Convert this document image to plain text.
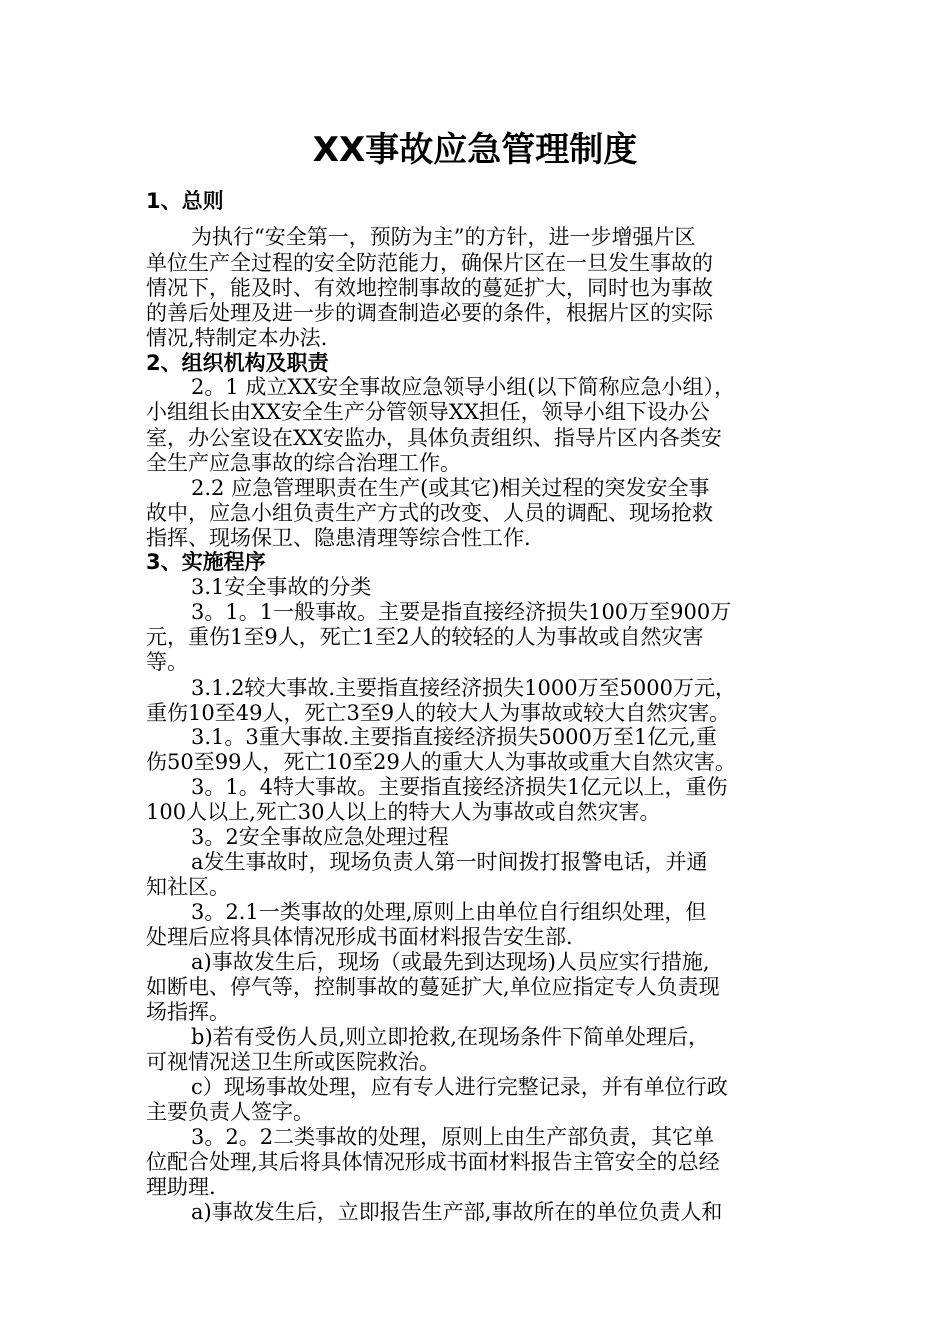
XX事故应急管理制度
1、总则
为执行“安全第一，预防为主”的方针，进一步增强片区
单位生产全过程的安全防范能力，确保片区在一旦发生事故的
情况下，能及时、有效地控制事故的蔓延扩大，同时也为事故
的善后处理及进一步的调查制造必要的条件，根据片区的实际
情况,特制定本办法.
2、组织机构及职责
2。1 成立XX安全事故应急领导小组(以下简称应急小组），
小组组长由XX安全生产分管领导XX担任，领导小组下设办公
室，办公室设在XX安监办，具体负责组织、指导片区内各类安
全生产应急事故的综合治理工作。
2.2 应急管理职责在生产(或其它)相关过程的突发安全事
故中，应急小组负责生产方式的改变、人员的调配、现场抢救
指挥、现场保卫、隐患清理等综合性工作.
3、实施程序
3.1安全事故的分类
3。1。1一般事故。主要是指直接经济损失100万至900万
元，重伤1至9人，死亡1至2人的较轻的人为事故或自然灾害
等。
3.1.2较大事故.主要指直接经济损失1000万至5000万元，
重伤10至49人，死亡3至9人的较大人为事故或较大自然灾害。
3.1。3重大事故.主要指直接经济损失5000万至1亿元,重
伤50至99人，死亡10至29人的重大人为事故或重大自然灾害。
3。1。4特大事故。主要指直接经济损失1亿元以上，重伤
100人以上,死亡30人以上的特大人为事故或自然灾害。
3。2安全事故应急处理过程
a发生事故时，现场负责人第一时间拨打报警电话，并通
知社区。
3。2.1一类事故的处理,原则上由单位自行组织处理，但
处理后应将具体情况形成书面材料报告安生部.
a)事故发生后，现场（或最先到达现场)人员应实行措施,
如断电、停气等，控制事故的蔓延扩大,单位应指定专人负责现
场指挥。
b)若有受伤人员,则立即抢救,在现场条件下简单处理后，
可视情况送卫生所或医院救治。
c）现场事故处理，应有专人进行完整记录，并有单位行政
主要负责人签字。
3。2。2二类事故的处理，原则上由生产部负责，其它单
位配合处理,其后将具体情况形成书面材料报告主管安全的总经
理助理.
a)事故发生后，立即报告生产部,事故所在的单位负责人和
